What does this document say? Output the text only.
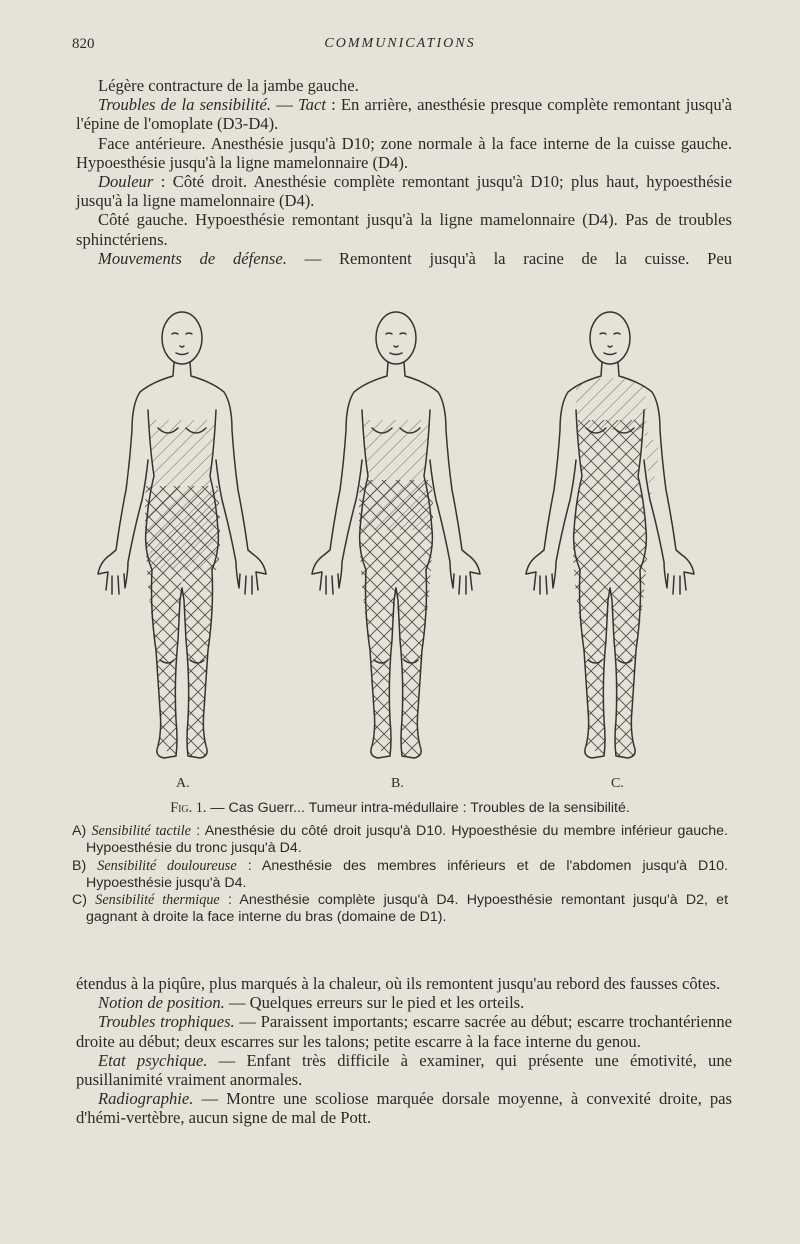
820	COMMUNICATIONS

Légère contracture de la jambe gauche.

Troubles de la sensibilité. — Tact : En arrière, anesthésie presque complète remontant jusqu'à l'épine de l'omoplate (D3-D4).

Face antérieure. Anesthésie jusqu'à D10; zone normale à la face interne de la cuisse gauche. Hypoesthésie jusqu'à la ligne mamelonnaire (D4).

Douleur : Côté droit. Anesthésie complète remontant jusqu'à D10; plus haut, hypoesthésie jusqu'à la ligne mamelonnaire (D4).

Côté gauche. Hypoesthésie remontant jusqu'à la ligne mamelonnaire (D4). Pas de troubles sphinctériens.

Mouvements de défense. — Remontent jusqu'à la racine de la cuisse. Peu

A.	B.	C.

Fig. 1. — Cas Guerr... Tumeur intra-médullaire : Troubles de la sensibilité.

A) Sensibilité tactile : Anesthésie du côté droit jusqu'à D10. Hypoesthésie du membre inférieur gauche. Hypoesthésie du tronc jusqu'à D4.

B) Sensibilité douloureuse : Anesthésie des membres inférieurs et de l'abdomen jusqu'à D10. Hypoesthésie jusqu'à D4.

C) Sensibilité thermique : Anesthésie complète jusqu'à D4. Hypoesthésie remontant jusqu'à D2, et gagnant à droite la face interne du bras (domaine de D1).

étendus à la piqûre, plus marqués à la chaleur, où ils remontent jusqu'au rebord des fausses côtes.

Notion de position. — Quelques erreurs sur le pied et les orteils.

Troubles trophiques. — Paraissent importants; escarre sacrée au début; escarre trochantérienne droite au début; deux escarres sur les talons; petite escarre à la face interne du genou.

Etat psychique. — Enfant très difficile à examiner, qui présente une émotivité, une pusillanimité vraiment anormales.

Radiographie. — Montre une scoliose marquée dorsale moyenne, à convexité droite, pas d'hémi-vertèbre, aucun signe de mal de Pott.
